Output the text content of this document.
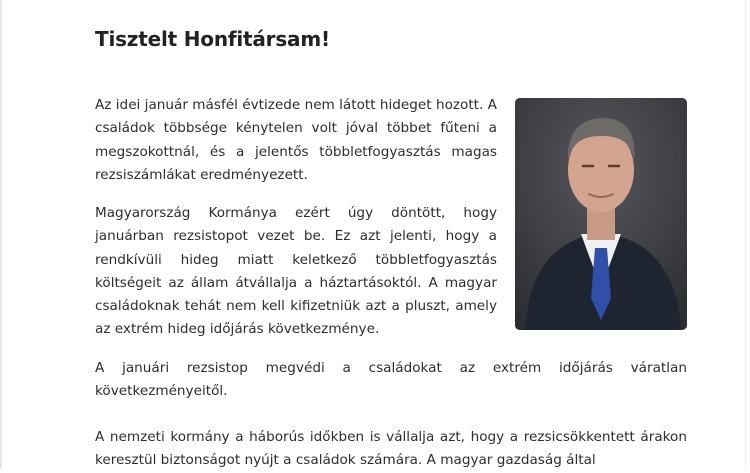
Tisztelt Honfitársam!

Az idei január másfél évtizede nem látott hideget hozott. A családok többsége kénytelen volt jóval többet fűteni a megszokottnál, és a jelentős többletfogyasztás magas rezsiszámlákat eredményezett.

Magyarország Kormánya ezért úgy döntött, hogy januárban rezsistopot vezet be. Ez azt jelenti, hogy a rendkívüli hideg miatt keletkező többletfogyasztás költségeit az állam átvállalja a háztartásoktól. A magyar családoknak tehát nem kell kifizetniük azt a pluszt, amely az extrém hideg időjárás következménye.

A januári rezsistop megvédi a családokat az extrém időjárás váratlan következményeitől.

A nemzeti kormány a háborús időkben is vállalja azt, hogy a rezsicsökkentett árakon keresztül biztonságot nyújt a családok számára. A magyar gazdaság által
